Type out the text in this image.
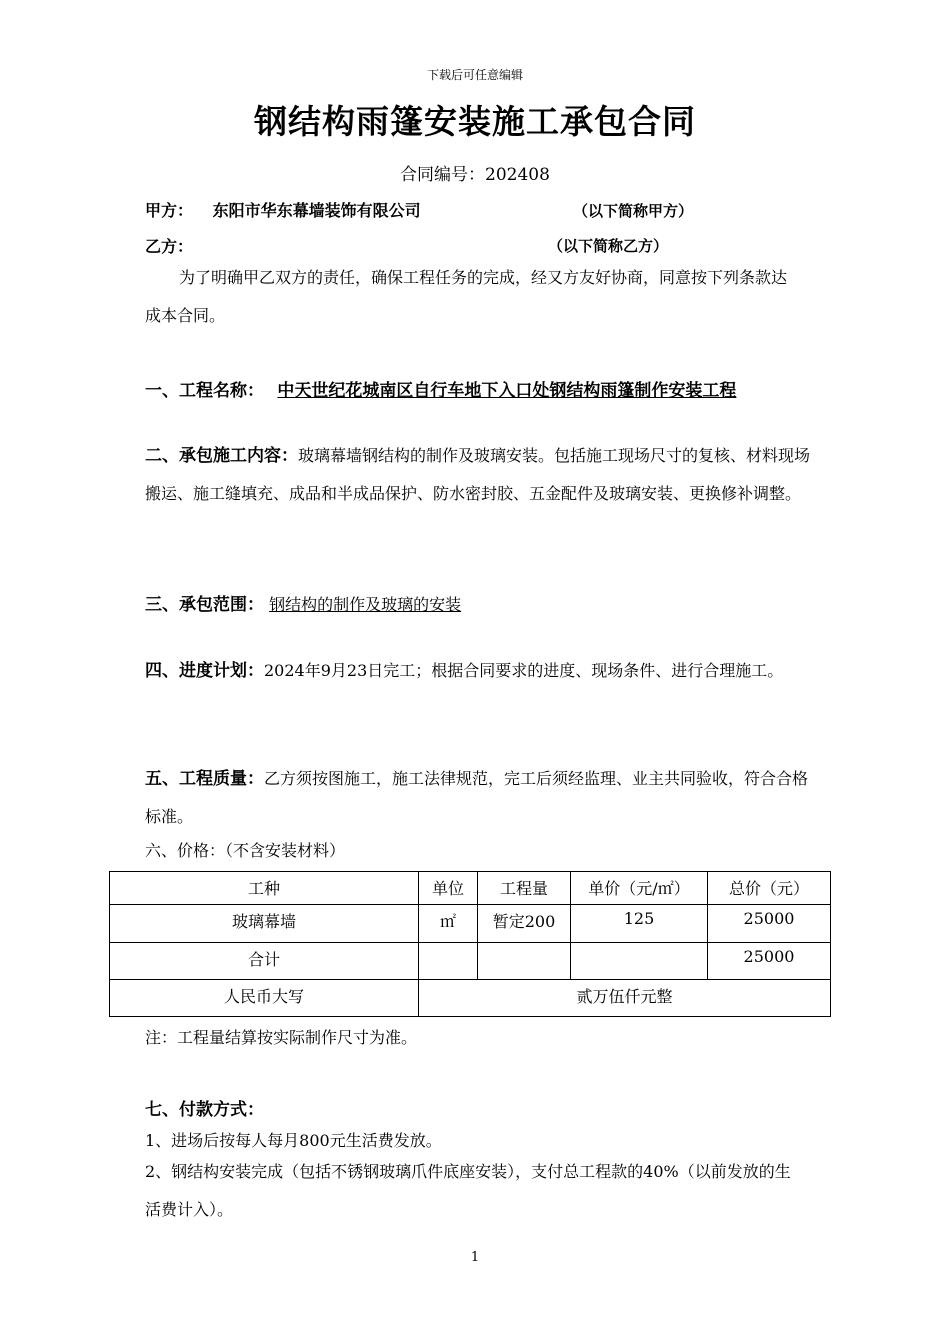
下载后可任意编辑
钢结构雨篷安装施工承包合同
合同编号：202408
甲方： 东阳市华东幕墙装饰有限公司	（以下简称甲方）
乙方：	（以下简称乙方）
为了明确甲乙双方的责任，确保工程任务的完成，经又方友好协商，同意按下列条款达成本合同。
一、工程名称： 中天世纪花城南区自行车地下入口处钢结构雨篷制作安装工程
二、承包施工内容：玻璃幕墙钢结构的制作及玻璃安装。包括施工现场尺寸的复核、材料现场搬运、施工缝填充、成品和半成品保护、防水密封胶、五金配件及玻璃安装、更换修补调整。
三、承包范围： 钢结构的制作及玻璃的安装
四、进度计划：2024年9月23日完工；根据合同要求的进度、现场条件、进行合理施工。
五、工程质量：乙方须按图施工，施工法律规范，完工后须经监理、业主共同验收，符合合格标准。
六、价格：（不含安装材料）
工种	单位	工程量	单价（元/㎡）	总价（元）
玻璃幕墙	㎡	暂定200	125	25000
合计				25000
人民币大写	贰万伍仟元整			
注：工程量结算按实际制作尺寸为准。
七、付款方式：
1、进场后按每人每月800元生活费发放。
2、钢结构安装完成（包括不锈钢玻璃爪件底座安装），支付总工程款的40%（以前发放的生活费计入）。
1
